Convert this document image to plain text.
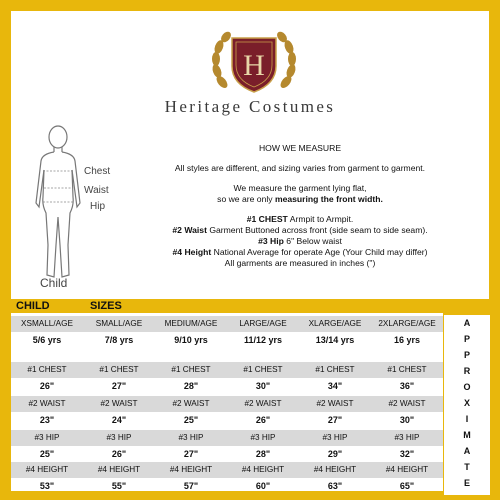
H
Heritage Costumes
Chest
Waist
Hip
Child

HOW WE MEASURE

All styles are different, and sizing varies from garment to garment.

We measure the garment lying flat,

so we are only measuring the front width.

#1 CHEST Armpit to Armpit.

#2 Waist Garment Buttoned across front (side seam to side seam).

#3 Hip 6" Below waist

#4 Height National Average for operate Age (Your Child may differ)

All garments are measured in inches (")

CHILD	SIZES
XSMALL/AGE	SMALL/AGE	MEDIUM/AGE	LARGE/AGE	XLARGE/AGE	2XLARGE/AGE
5/6 yrs	7/8 yrs	9/10 yrs	11/12 yrs	13/14 yrs	16 yrs
#1 CHEST	#1 CHEST	#1 CHEST	#1 CHEST	#1 CHEST	#1 CHEST
26"	27"	28"	30"	34"	36"
#2 WAIST	#2 WAIST	#2 WAIST	#2 WAIST	#2 WAIST	#2 WAIST
23"	24"	25"	26"	27"	30"
#3 HIP	#3 HIP	#3 HIP	#3 HIP	#3 HIP	#3 HIP
25"	26"	27"	28"	29"	32"
#4 HEIGHT	#4 HEIGHT	#4 HEIGHT	#4 HEIGHT	#4 HEIGHT	#4 HEIGHT
53"	55"	57"	60"	63"	65"
A
P
P
R
O
X
I
M
A
T
E
